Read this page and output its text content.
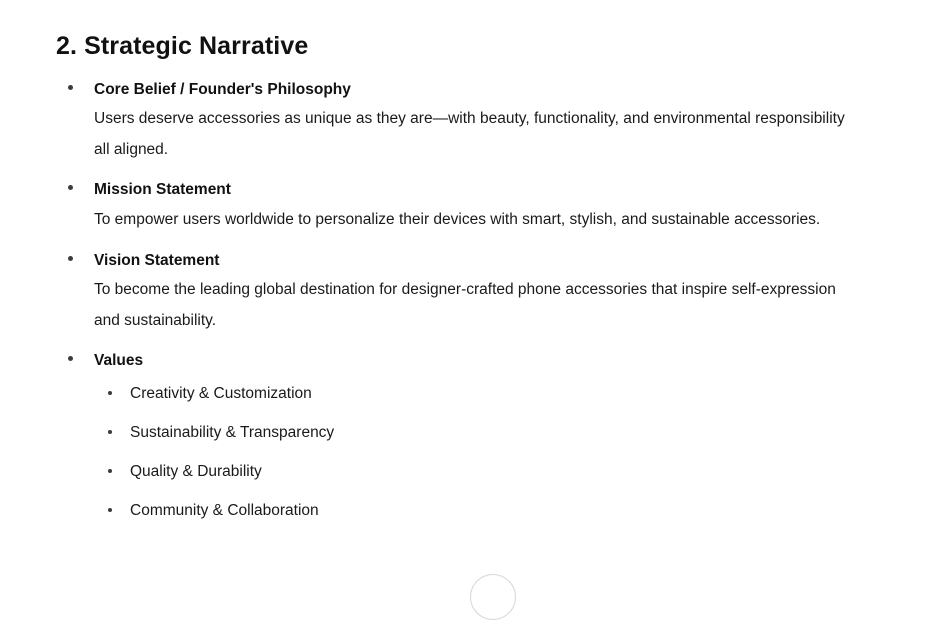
2. Strategic Narrative
Core Belief / Founder's Philosophy
Users deserve accessories as unique as they are—with beauty, functionality, and environmental responsibility all aligned.
Mission Statement
To empower users worldwide to personalize their devices with smart, stylish, and sustainable accessories.
Vision Statement
To become the leading global destination for designer-crafted phone accessories that inspire self-expression and sustainability.
Values
Creativity & Customization
Sustainability & Transparency
Quality & Durability
Community & Collaboration
